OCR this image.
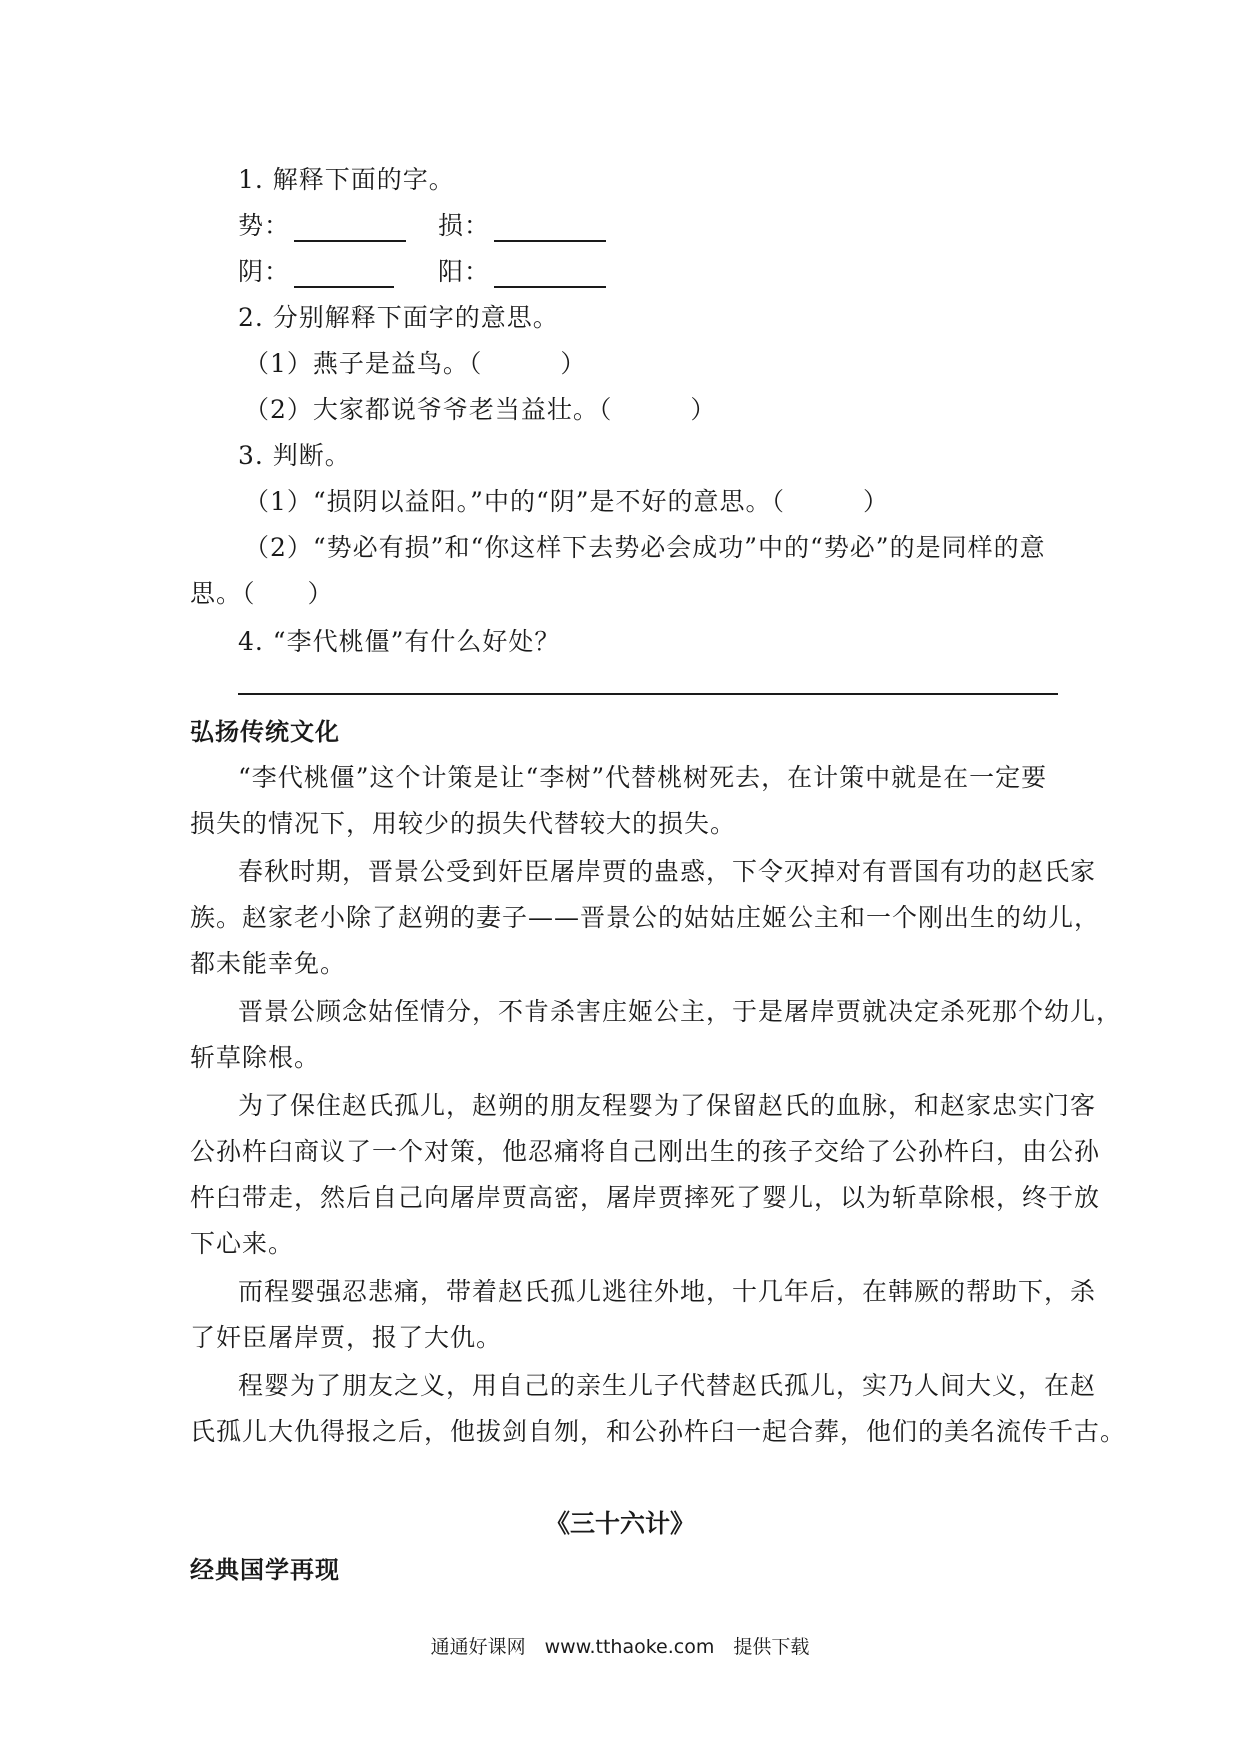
1. 解释下面的字。
势：	损：
阴：	阳：
2. 分别解释下面字的意思。
（1）燕子是益鸟。（　　　）
（2）大家都说爷爷老当益壮。（　　　）
3. 判断。
（1）“损阴以益阳。”中的“阴”是不好的意思。（　　　）
（2）“势必有损”和“你这样下去势必会成功”中的“势必”的是同样的意
思。（　　）
4. “李代桃僵”有什么好处？
弘扬传统文化
“李代桃僵”这个计策是让“李树”代替桃树死去，在计策中就是在一定要
损失的情况下，用较少的损失代替较大的损失。
春秋时期，晋景公受到奸臣屠岸贾的蛊惑，下令灭掉对有晋国有功的赵氏家
族。赵家老小除了赵朔的妻子——晋景公的姑姑庄姬公主和一个刚出生的幼儿，
都未能幸免。
晋景公顾念姑侄情分，不肯杀害庄姬公主，于是屠岸贾就决定杀死那个幼儿，
斩草除根。
为了保住赵氏孤儿，赵朔的朋友程婴为了保留赵氏的血脉，和赵家忠实门客
公孙杵臼商议了一个对策，他忍痛将自己刚出生的孩子交给了公孙杵臼，由公孙
杵臼带走，然后自己向屠岸贾高密，屠岸贾摔死了婴儿，以为斩草除根，终于放
下心来。
而程婴强忍悲痛，带着赵氏孤儿逃往外地，十几年后，在韩厥的帮助下，杀
了奸臣屠岸贾，报了大仇。
程婴为了朋友之义，用自己的亲生儿子代替赵氏孤儿，实乃人间大义，在赵
氏孤儿大仇得报之后，他拔剑自刎，和公孙杵臼一起合葬，他们的美名流传千古。
《三十六计》
经典国学再现
通通好课网　www.tthaoke.com　提供下载
